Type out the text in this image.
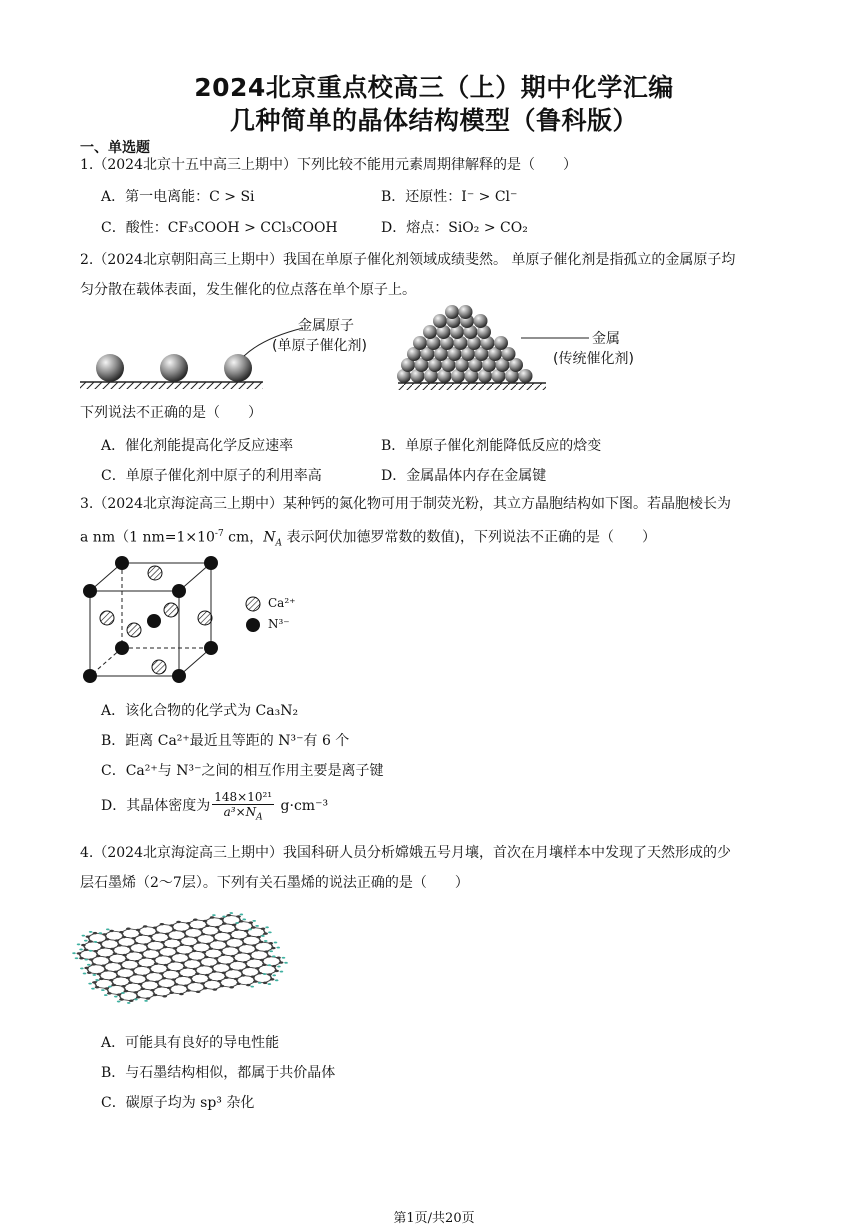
2024北京重点校高三（上）期中化学汇编
几种简单的晶体结构模型（鲁科版）
一、单选题
1.（2024北京十五中高三上期中）下列比较不能用元素周期律解释的是（　　）
A．第一电离能：C > Si	B．还原性：I⁻ > Cl⁻
C．酸性：CF₃COOH > CCl₃COOH	D．熔点：SiO₂ > CO₂
2.（2024北京朝阳高三上期中）我国在单原子催化剂领域成绩斐然。 单原子催化剂是指孤立的金属原子均
匀分散在载体表面，发生催化的位点落在单个原子上。
金属原子
(单原子催化剂)	金属
(传统催化剂)
下列说法不正确的是（　　）
A．催化剂能提高化学反应速率	B．单原子催化剂能降低反应的焓变
C．单原子催化剂中原子的利用率高	D．金属晶体内存在金属键
3.（2024北京海淀高三上期中）某种钙的氮化物可用于制荧光粉，其立方晶胞结构如下图。若晶胞棱长为
a nm（1 $nm=1\times 10^{-7}$ cm，$N_A$ 表示阿伏加德罗常数的数值)，下列说法不正确的是（　　）
Ca²⁺
N³⁻
A．该化合物的化学式为 Ca₃N₂
B．距离 Ca²⁺最近且等距的 N³⁻有 6 个
C．Ca²⁺与 N³⁻之间的相互作用主要是离子键
D．其晶体密度为 $\frac{\text{148×10²¹}}{a^3\times N_A} g\cdot cm^{-3}$
4.（2024北京海淀高三上期中）我国科研人员分析嫦娥五号月壤，首次在月壤样本中发现了天然形成的少
层石墨烯（2～7层）。下列有关石墨烯的说法正确的是（　　）
A．可能具有良好的导电性能
B．与石墨结构相似，都属于共价晶体
C．碳原子均为 sp³ 杂化
第1页/共20页
